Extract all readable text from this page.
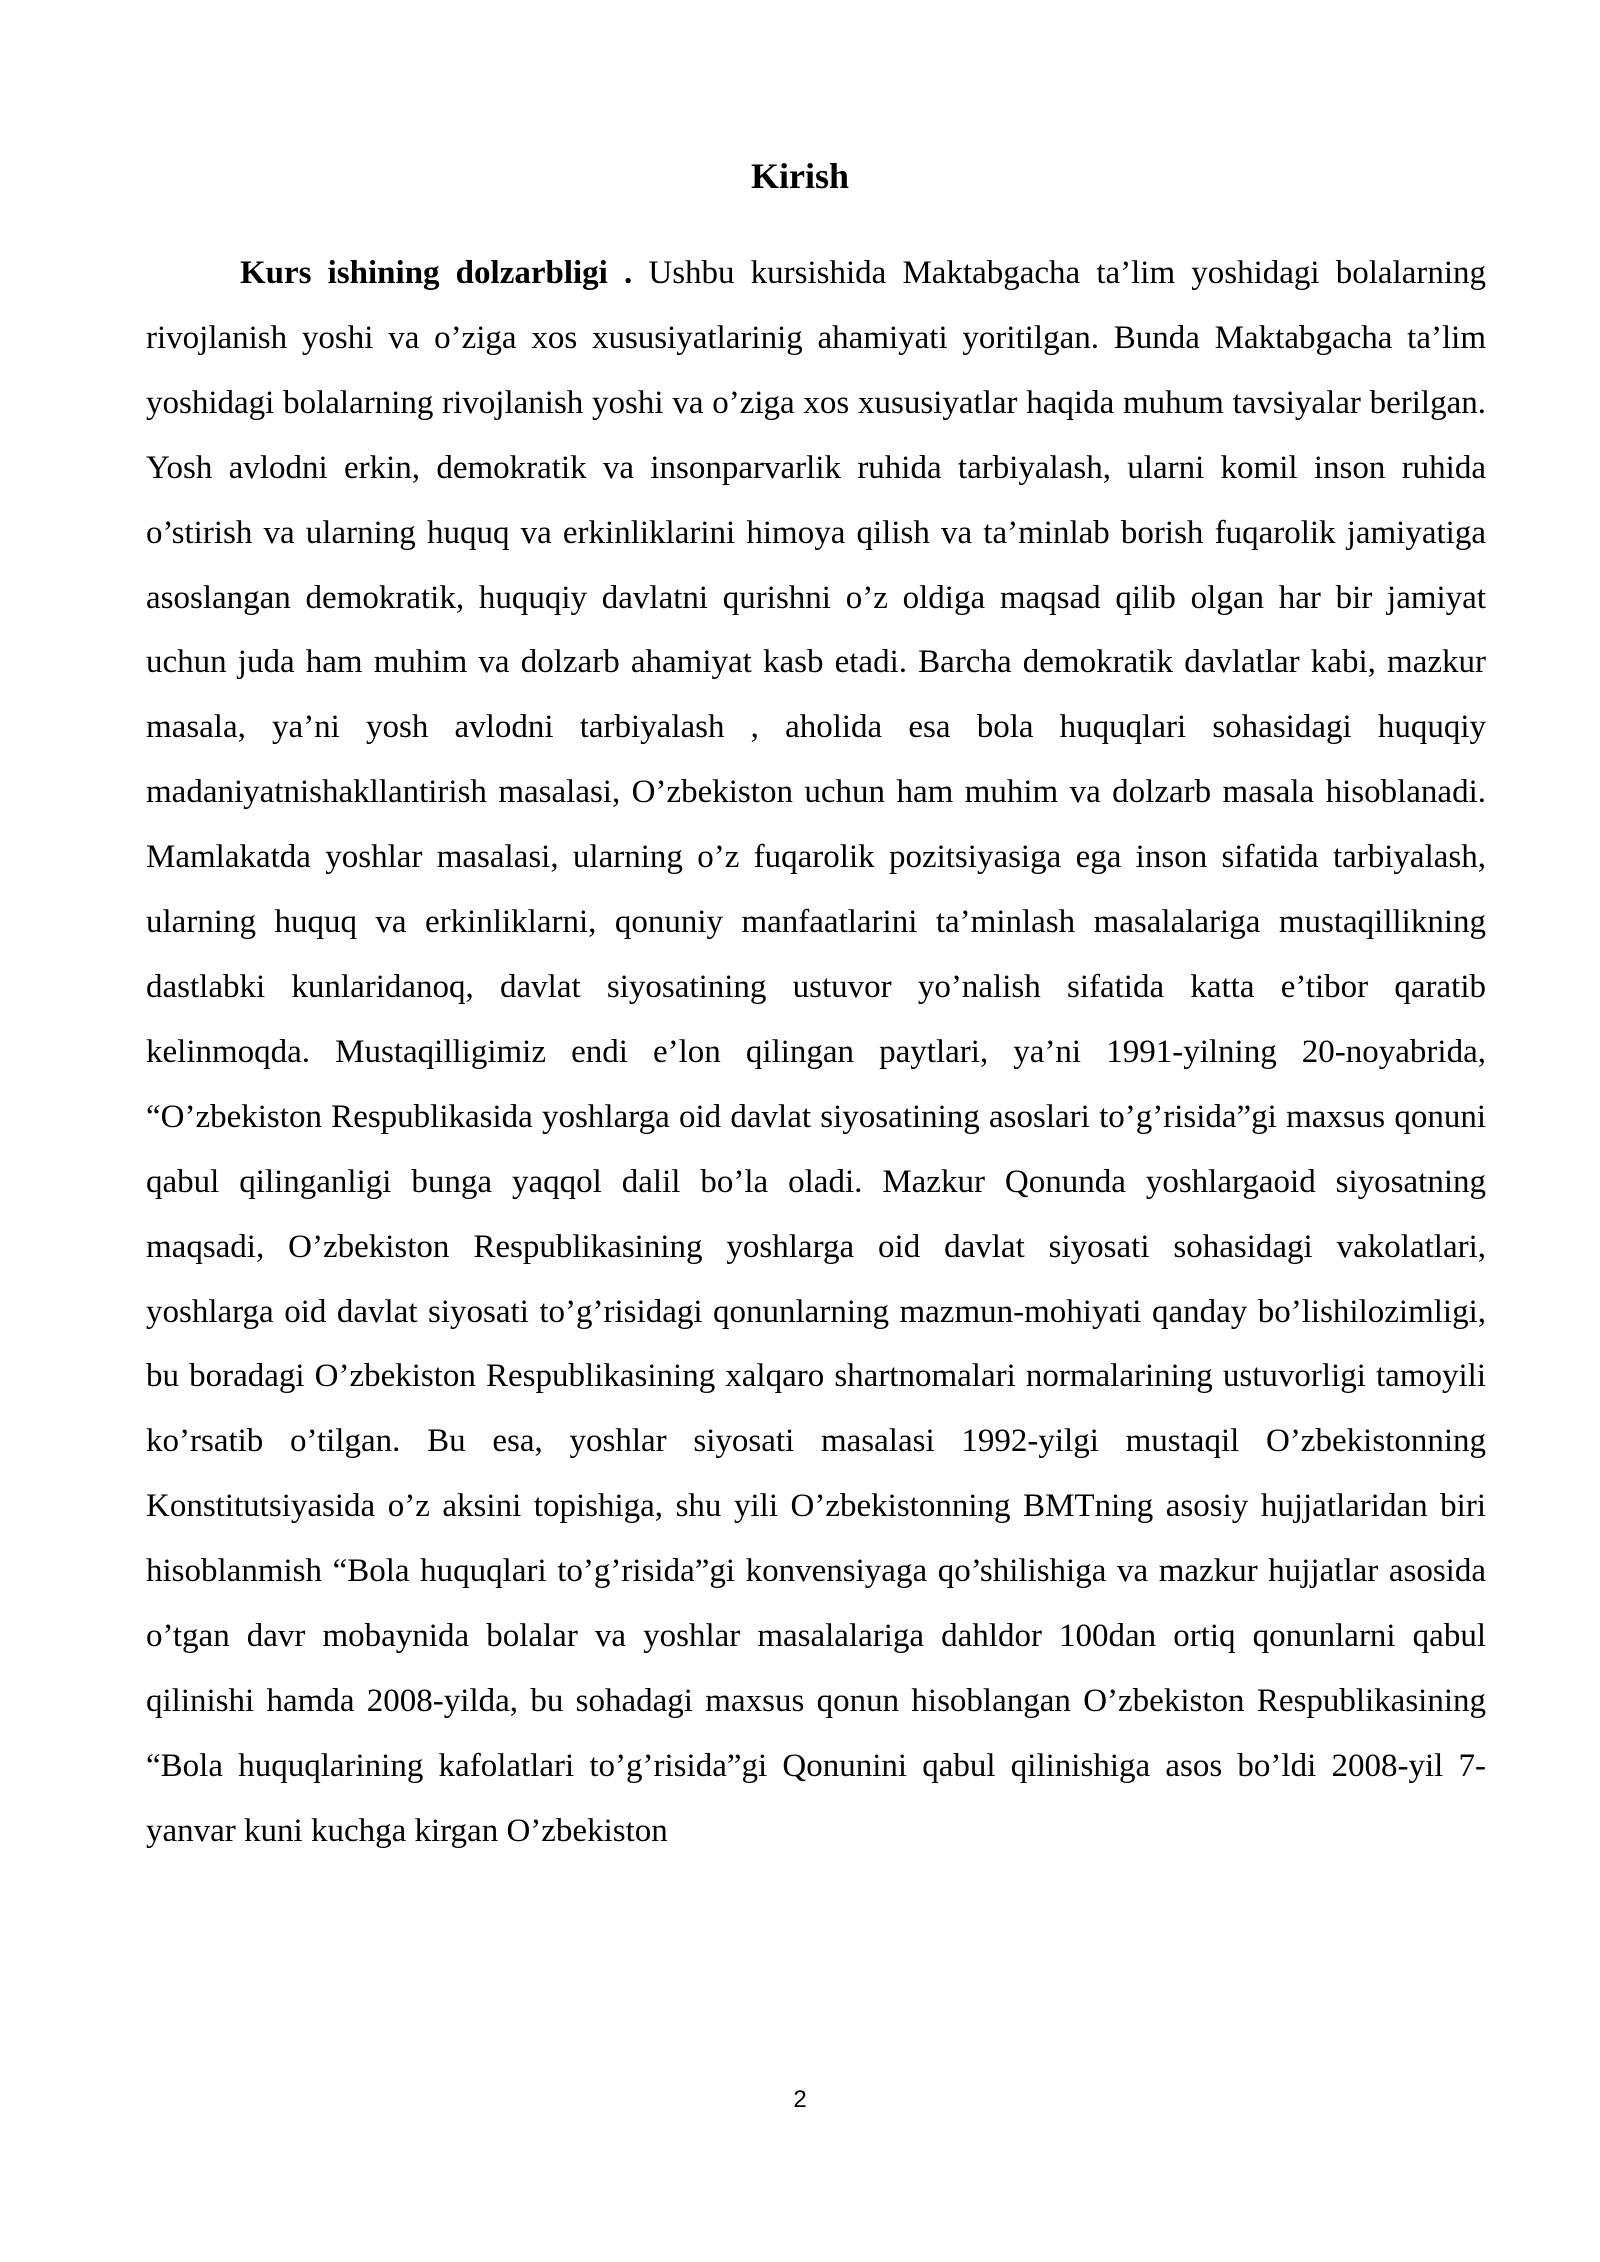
Kirish

Kurs ishining dolzarbligi . Ushbu kursishida Maktabgacha ta’lim yoshidagi bolalarning rivojlanish yoshi va o’ziga xos xususiyatlarinig ahamiyati yoritilgan. Bunda Maktabgacha ta’lim yoshidagi bolalarning rivojlanish yoshi va o’ziga xos xususiyatlar haqida muhum tavsiyalar berilgan. Yosh avlodni erkin, demokratik va insonparvarlik ruhida tarbiyalash, ularni komil inson ruhida o’stirish va ularning huquq va erkinliklarini himoya qilish va ta’minlab borish fuqarolik jamiyatiga asoslangan demokratik, huquqiy davlatni qurishni o’z oldiga maqsad qilib olgan har bir jamiyat uchun juda ham muhim va dolzarb ahamiyat kasb etadi. Barcha demokratik davlatlar kabi, mazkur masala, ya’ni yosh avlodni tarbiyalash , aholida esa bola huquqlari sohasidagi huquqiy madaniyatnishakllantirish masalasi, O’zbekiston uchun ham muhim va dolzarb masala hisoblanadi. Mamlakatda yoshlar masalasi, ularning o’z fuqarolik pozitsiyasiga ega inson sifatida tarbiyalash, ularning huquq va erkinliklarni, qonuniy manfaatlarini ta’minlash masalalariga mustaqillikning dastlabki kunlaridanoq, davlat siyosatining ustuvor yo’nalish sifatida katta e’tibor qaratib kelinmoqda. Mustaqilligimiz endi e’lon qilingan paytlari, ya’ni 1991-yilning 20-noyabrida, “O’zbekiston Respublikasida yoshlarga oid davlat siyosatining asoslari to’g’risida”gi maxsus qonuni qabul qilinganligi bunga yaqqol dalil bo’la oladi. Mazkur Qonunda yoshlargaoid siyosatning maqsadi, O’zbekiston Respublikasining yoshlarga oid davlat siyosati sohasidagi vakolatlari, yoshlarga oid davlat siyosati to’g’risidagi qonunlarning mazmun-mohiyati qanday bo’lishilozimligi, bu boradagi O’zbekiston Respublikasining xalqaro shartnomalari normalarining ustuvorligi tamoyili ko’rsatib o’tilgan. Bu esa, yoshlar siyosati masalasi 1992-yilgi mustaqil O’zbekistonning Konstitutsiyasida o’z aksini topishiga, shu yili O’zbekistonning BMTning asosiy hujjatlaridan biri hisoblanmish “Bola huquqlari to’g’risida”gi konvensiyaga qo’shilishiga va mazkur hujjatlar asosida o’tgan davr mobaynida bolalar va yoshlar masalalariga dahldor 100dan ortiq qonunlarni qabul qilinishi hamda 2008-yilda, bu sohadagi maxsus qonun hisoblangan O’zbekiston Respublikasining “Bola huquqlarining kafolatlari to’g’risida”gi Qonunini qabul qilinishiga asos bo’ldi 2008-yil 7-yanvar kuni kuchga kirgan O’zbekiston

2
